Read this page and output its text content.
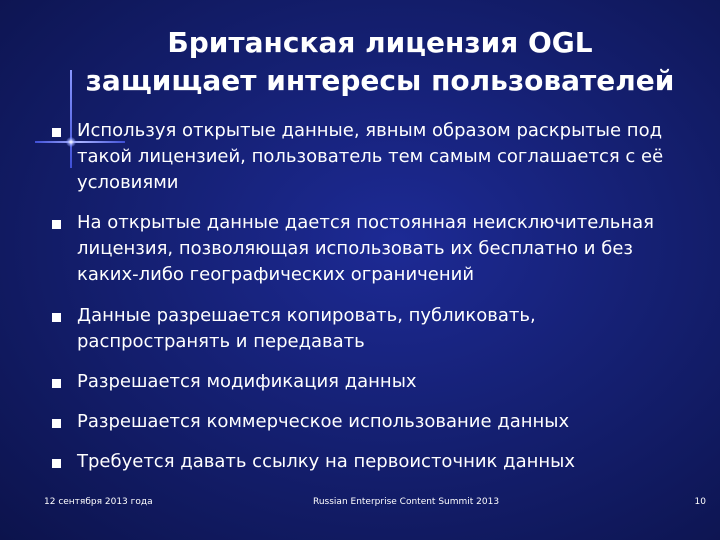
Британская лицензия OGL
защищает интересы пользователей
Используя открытые данные, явным образом раскрытые под
такой лицензией, пользователь тем самым соглашается с её
условиями
На открытые данные дается постоянная неисключительная
лицензия, позволяющая использовать их бесплатно и без
каких-либо географических ограничений
Данные разрешается копировать, публиковать,
распространять и передавать
Разрешается модификация данных
Разрешается коммерческое использование данных
Требуется давать ссылку на первоисточник данных
12 сентября 2013 года	Russian Enterprise Content Summit 2013	10
